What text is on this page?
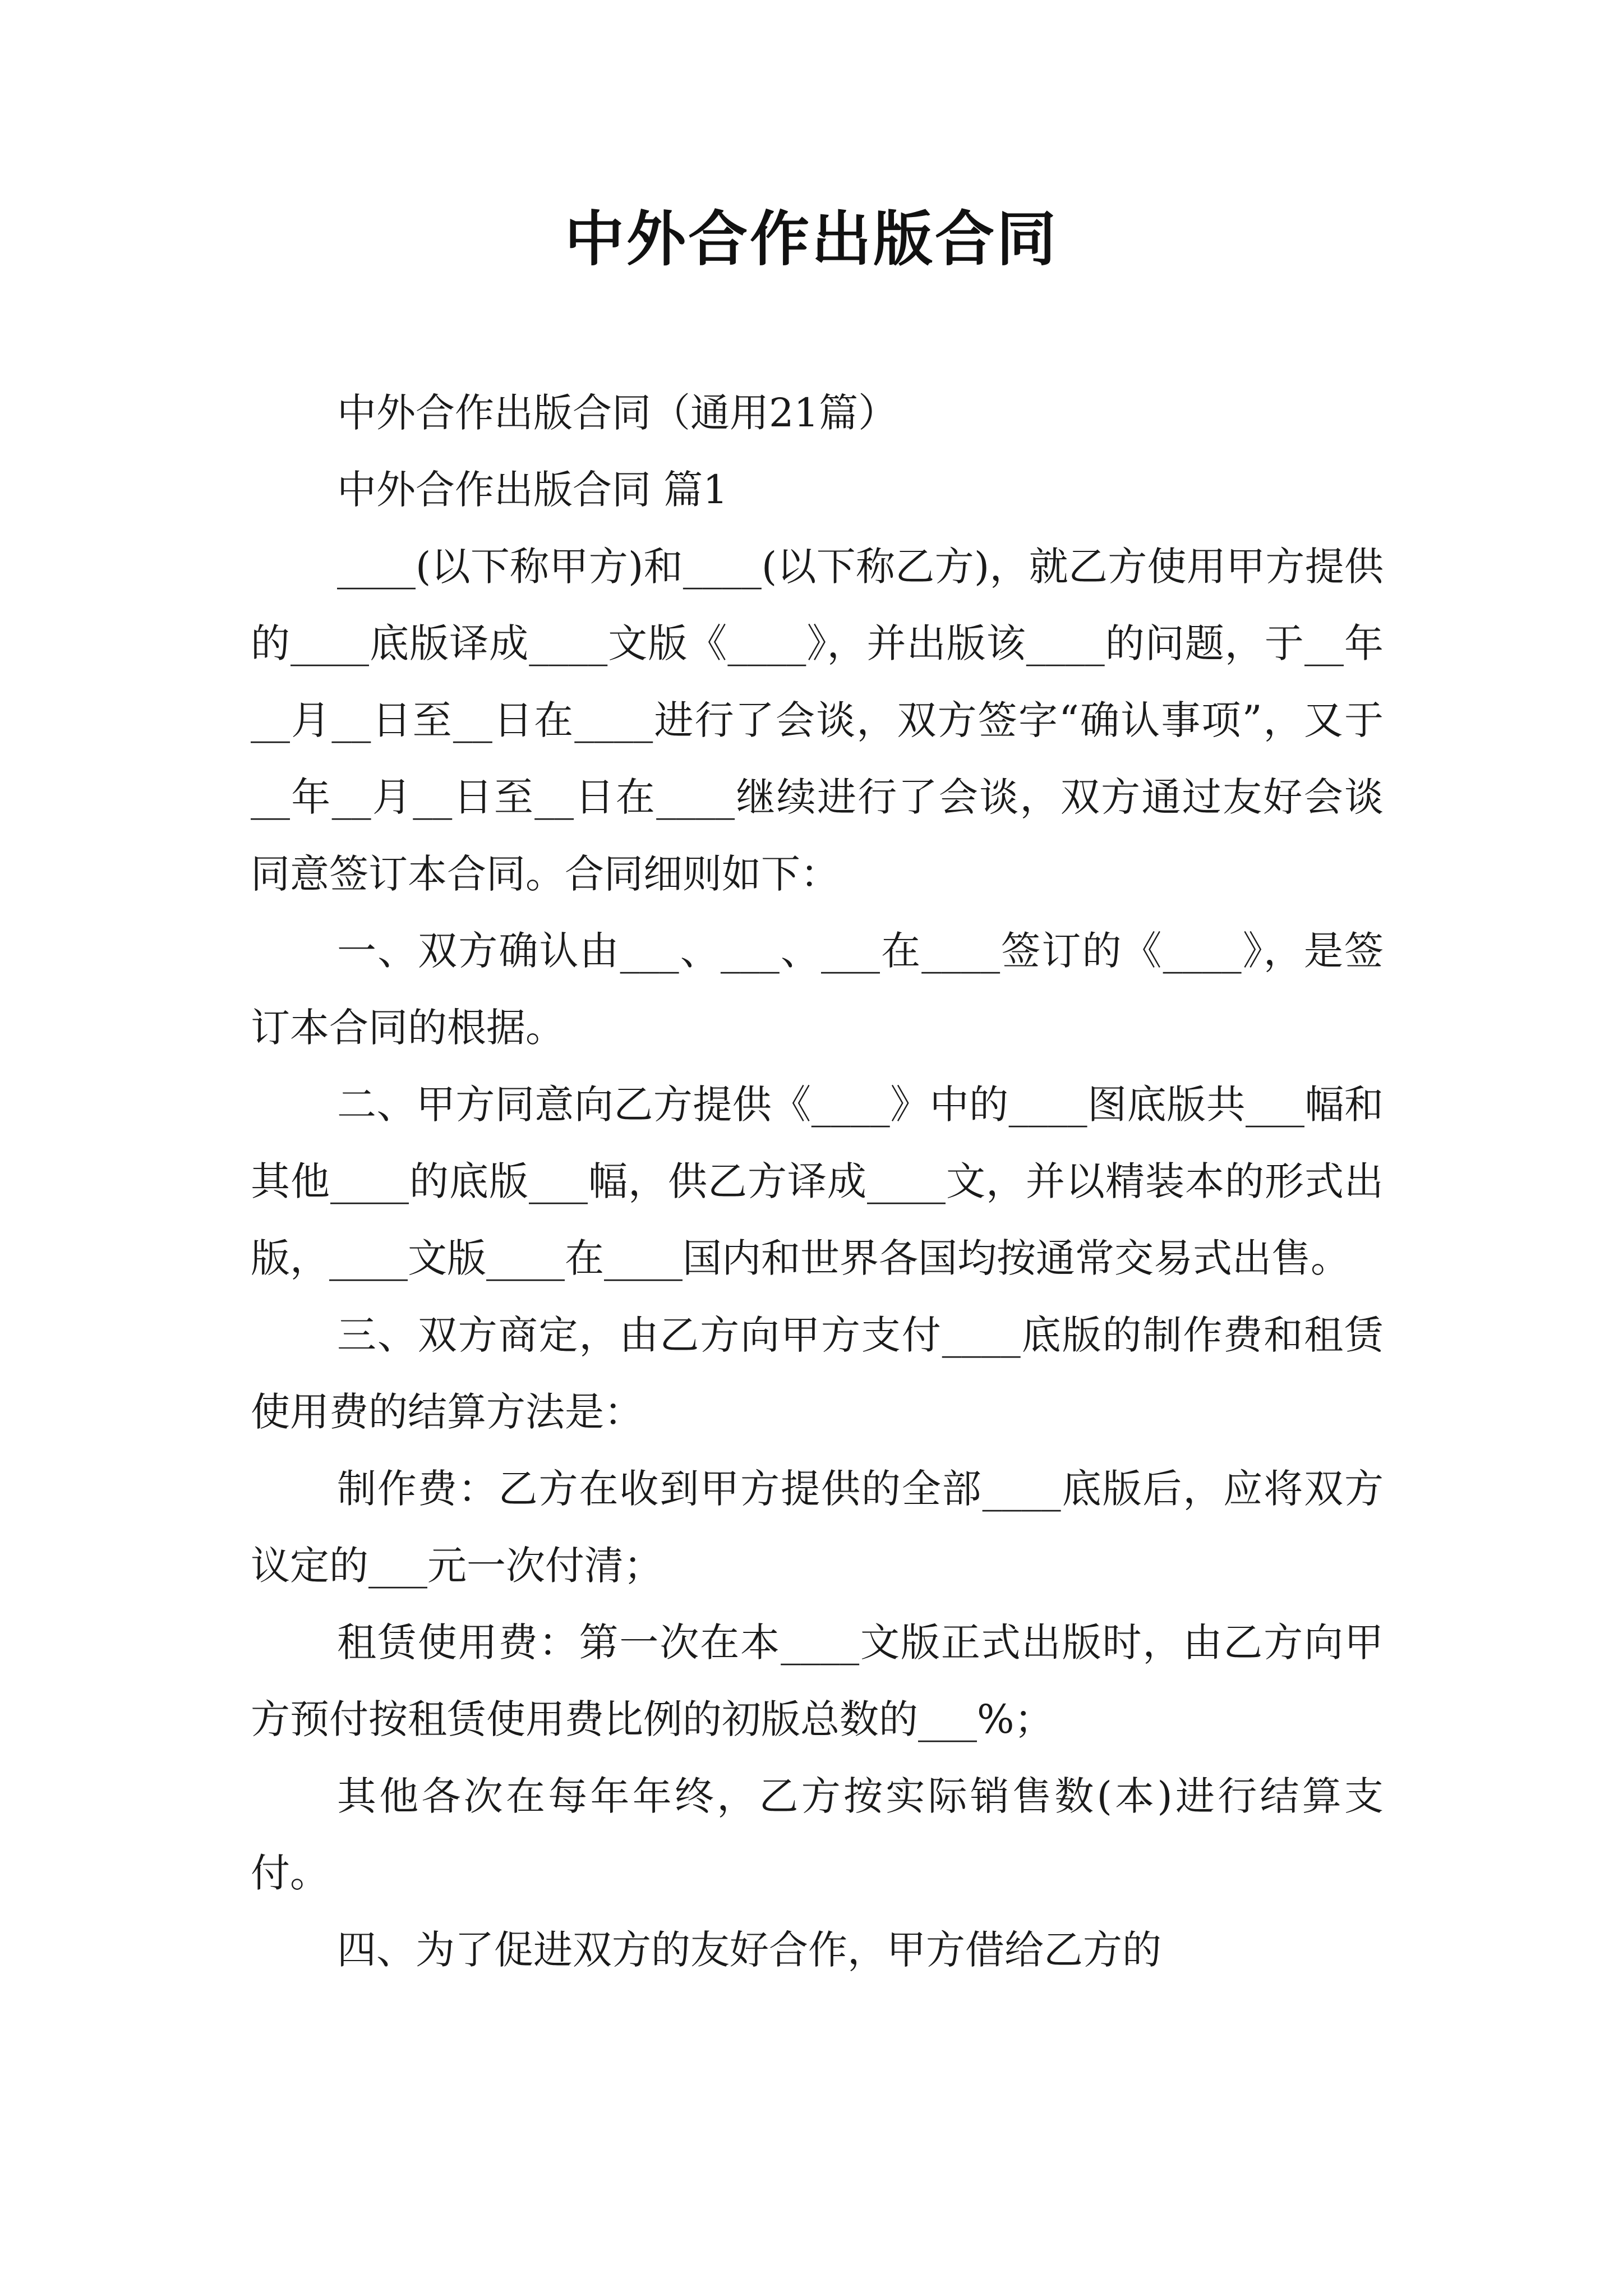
中外合作出版合同

中外合作出版合同（通用21篇）

中外合作出版合同 篇1

____(以下称甲方)和____(以下称乙方)，就乙方使用甲方提供的____底版译成____文版《____》，并出版该____的问题，于__年__月__日至__日在____进行了会谈，双方签字“确认事项”，又于__年__月__日至__日在____继续进行了会谈，双方通过友好会谈同意签订本合同。合同细则如下：

一、双方确认由___、___、___在____签订的《____》，是签订本合同的根据。

二、甲方同意向乙方提供《____》中的____图底版共___幅和其他____的底版___幅，供乙方译成____文，并以精装本的形式出版，____文版____在____国内和世界各国均按通常交易式出售。

三、双方商定，由乙方向甲方支付____底版的制作费和租赁使用费的结算方法是：

制作费：乙方在收到甲方提供的全部____底版后，应将双方议定的___元一次付清；

租赁使用费：第一次在本____文版正式出版时，由乙方向甲方预付按租赁使用费比例的初版总数的___%；

其他各次在每年年终，乙方按实际销售数(本)进行结算支付。

四、为了促进双方的友好合作，甲方借给乙方的
